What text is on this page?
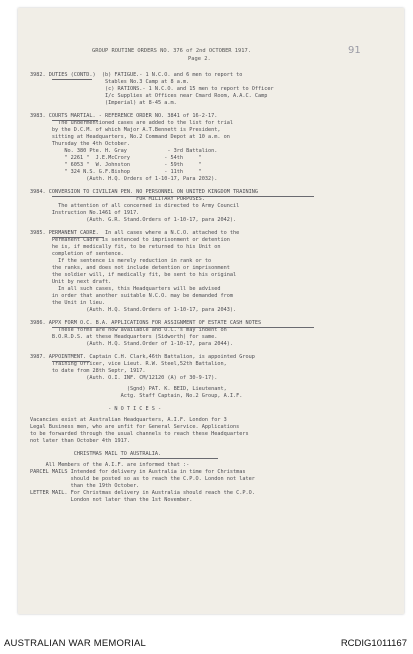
GROUP ROUTINE ORDERS NO. 376 of 2nd OCTOBER 1917.
Page 2.
91
3982. DUTIES (CONTD.)  (b) FATIGUE.- 1 N.C.O. and 6 men to report to
Stables No.3 Camp at 8 a.m.
(c) RATIONS.- 1 N.C.O. and 15 men to report to Officer
I/c Supplies at Offices near Cmard Room, A.A.C. Camp
(Imperial) at 8-45 a.m.
3983. COURTS MARTIAL. - REFERENCE ORDER NO. 3841 of 16-2-17.
The undermentioned cases are added to the list for trial
by the D.C.M. of which Major A.T.Bennett is President,
sitting at Headquarters, No.2 Command Depot at 10 a.m. on
Thursday the 4th October.
No. 380 Pte. H. Gray             - 3rd Battalion.
" 2261 "  J.E.McCrory           - 54th     "
" 6053 "  W. Johnston           - 59th     "
" 324 N.S. G.F.Bishop           - 11th     "
(Auth. H.Q. Orders of 1-10-17, Para 2032).
3984. CONVERSION TO CIVILIAN PEN. NO PERSONNEL ON UNITED KINGDOM TRAINING
FOR MILITARY PURPOSES.
The attention of all concerned is directed to Army Council
Instruction No.1461 of 1917.
(Auth. G.R. Stand.Orders of 1-10-17, para 2042).
3985. PERMANENT CADRE.  In all cases where a N.C.O. attached to the
Permanent Cadre is sentenced to imprisonment or detention
he is, if medically fit, to be returned to his Unit on
completion of sentence.
If the sentence is merely reduction in rank or to
the ranks, and does not include detention or imprisonment
the soldier will, if medically fit, be sent to his original
Unit by next draft.
In all such cases, this Headquarters will be advised
in order that another suitable N.C.O. may be demanded from
the Unit in lieu.
(Auth. H.Q. Stand.Orders of 1-10-17, para 2043).
3986. APPX FORM O.C. B.A. APPLICATIONS FOR ASSIGNMENT OF ESTATE CASH NOTES
These forms are now available and O.C.'s may indent on
B.O.R.D.S. at these Headquarters (Sidworth) for same.
(Auth. H.Q. Stand.Order of 1-10-17, para 2044).
3987. APPOINTMENT. Captain C.H. Clark,46th Battalion, is appointed Group
Training Officer, vice Lieut. R.W. Steel,52th Battalion,
to date from 28th Septr, 1917.
(Auth. O.I. INF. CM/12120 (A) of 30-9-17).
(Sgnd) PAT. K. BEID, Lieutenant,
Actg. Staff Captain, No.2 Group, A.I.F.
- N O T I C E S -
Vacancies exist at Australian Headquarters, A.I.F. London for 3
Legal Business men, who are unfit for General Service. Applications
to be forwarded through the usual channels to reach these Headquarters
not later than October 4th 1917.
CHRISTMAS MAIL TO AUSTRALIA.
All Members of the A.I.F. are informed that :-
PARCEL MAILS Intended for delivery in Australia in time for Christmas
should be posted so as to reach the C.P.O. London not later
than the 19th October.
LETTER MAIL. For Christmas delivery in Australia should reach the C.P.O.
London not later than the 1st November.
AUSTRALIAN WAR MEMORIAL	RCDIG1011167
